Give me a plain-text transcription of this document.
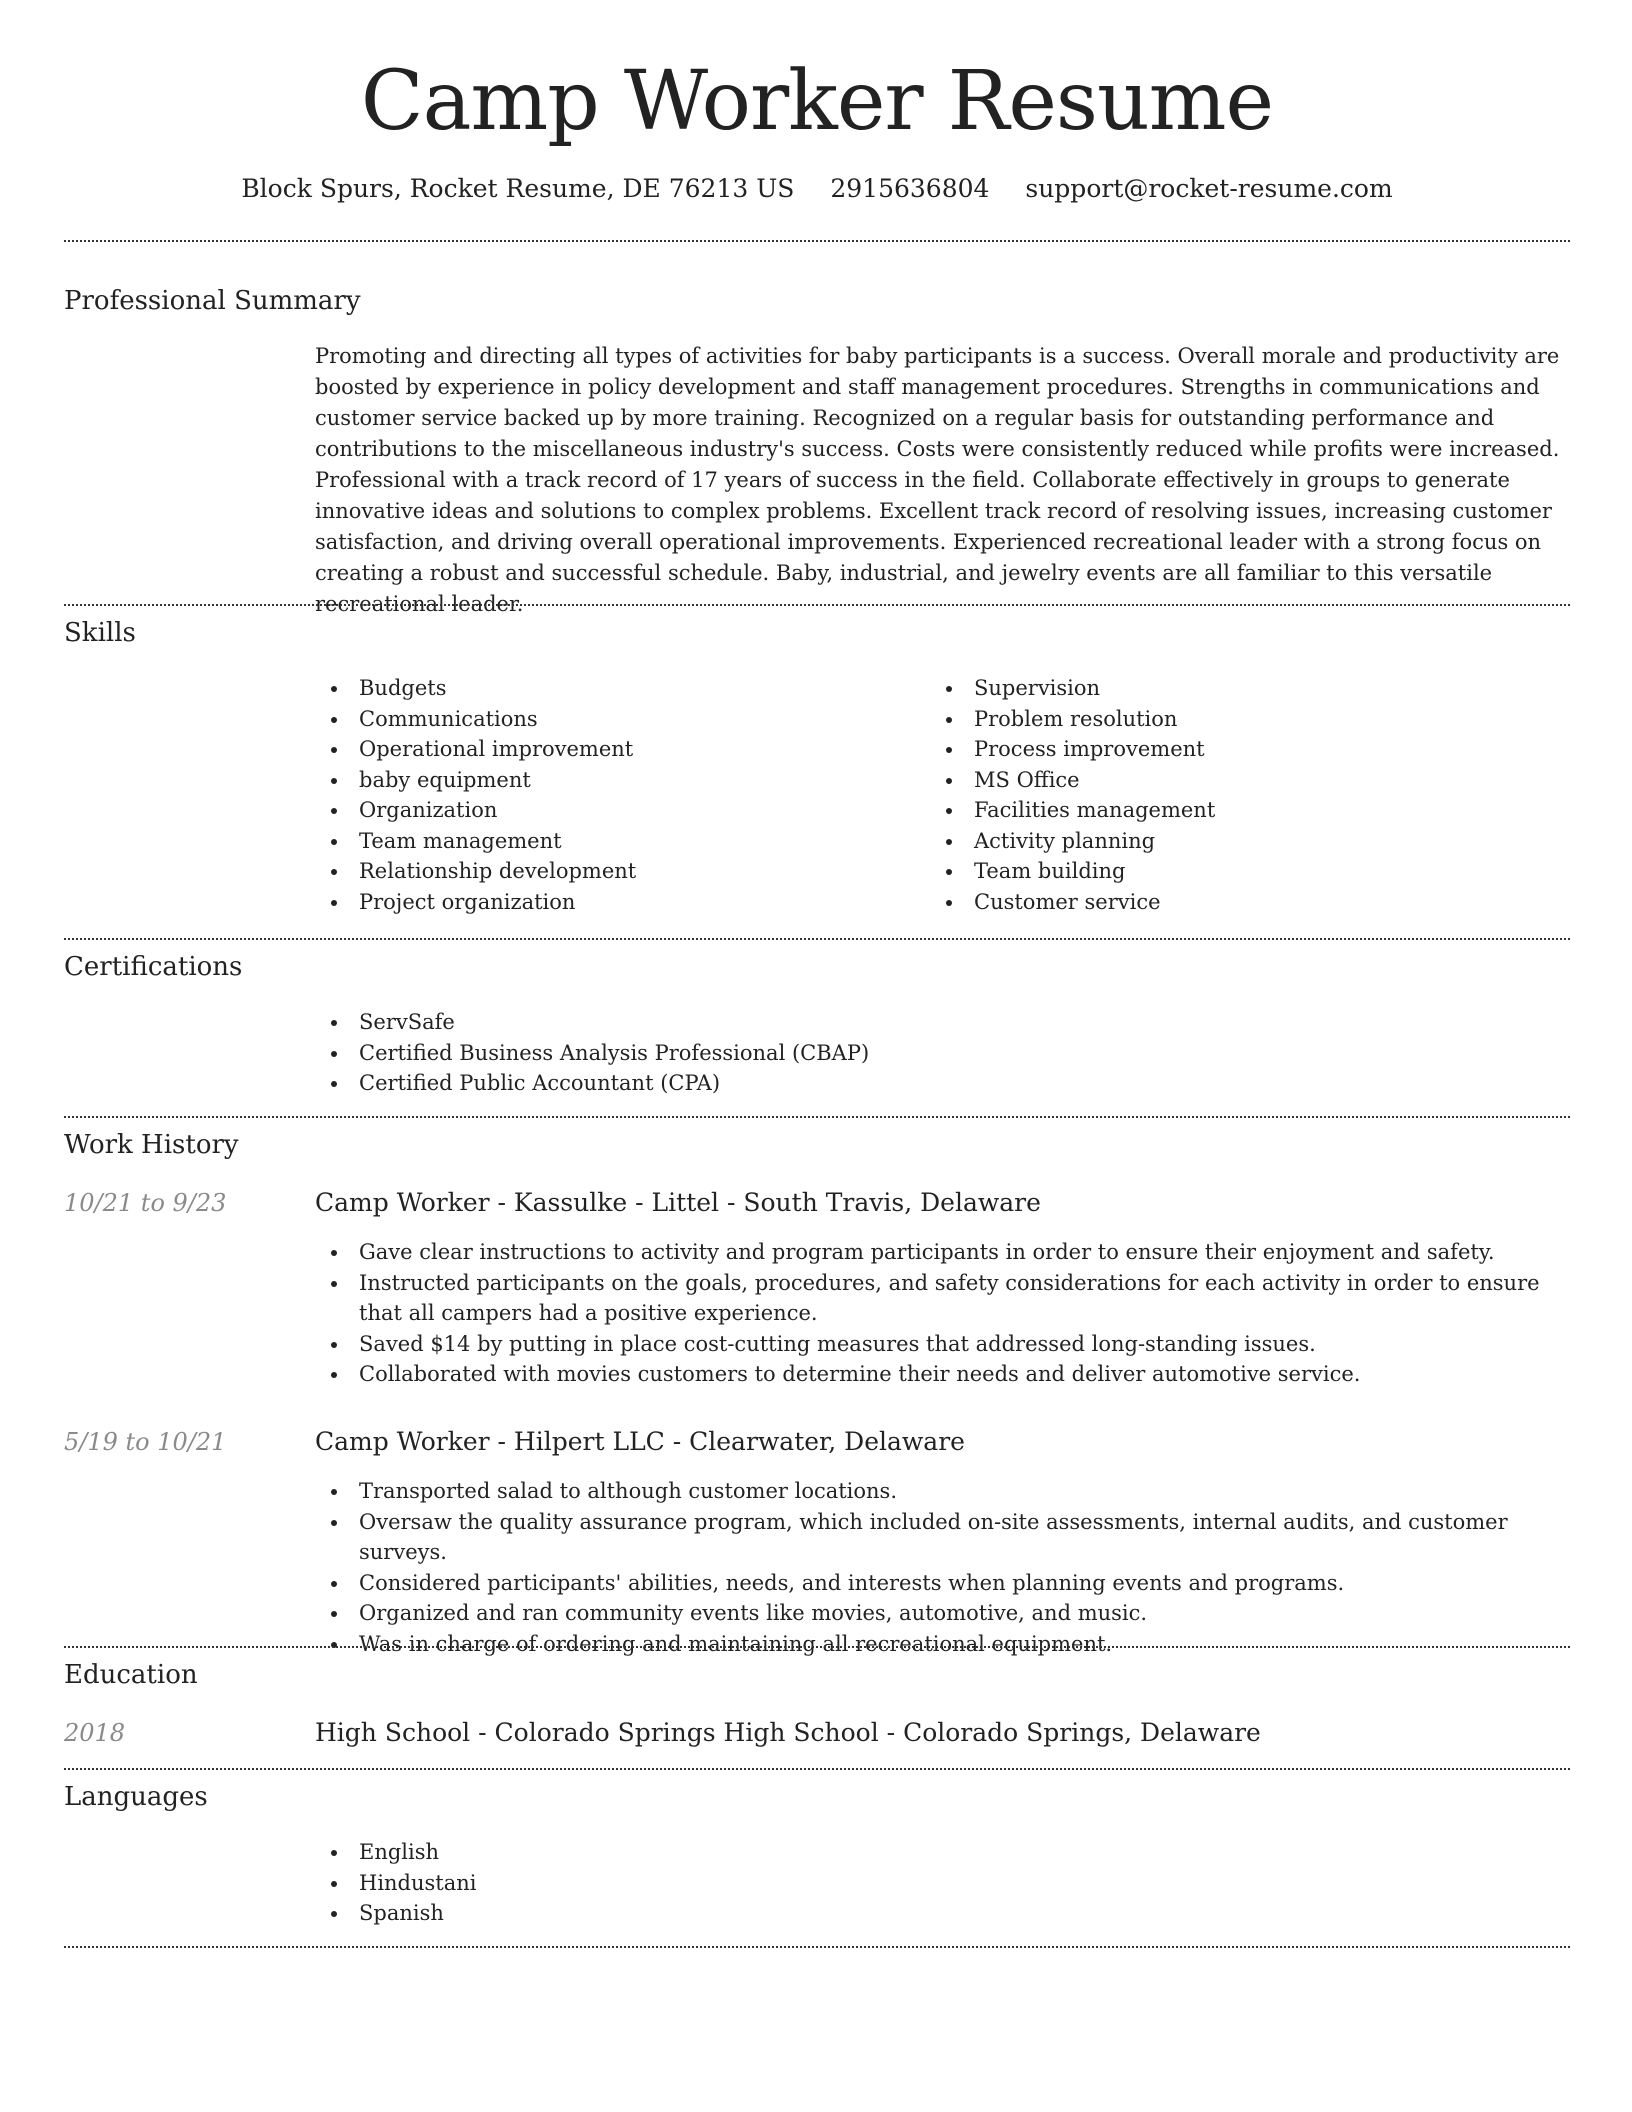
Camp Worker Resume
Block Spurs, Rocket Resume, DE 76213 US 2915636804 support@rocket-resume.com
Professional Summary

Promoting and directing all types of activities for baby participants is a success. Overall morale and productivity are boosted by experience in policy development and staff management procedures. Strengths in communications and customer service backed up by more training. Recognized on a regular basis for outstanding performance and contributions to the miscellaneous industry's success. Costs were consistently reduced while profits were increased. Professional with a track record of 17 years of success in the field. Collaborate effectively in groups to generate innovative ideas and solutions to complex problems. Excellent track record of resolving issues, increasing customer satisfaction, and driving overall operational improvements. Experienced recreational leader with a strong focus on creating a robust and successful schedule. Baby, industrial, and jewelry events are all familiar to this versatile recreational leader.

Skills
Budgets
Communications
Operational improvement
baby equipment
Organization
Team management
Relationship development
Project organization
Supervision
Problem resolution
Process improvement
MS Office
Facilities management
Activity planning
Team building
Customer service
Certifications
ServSafe
Certified Business Analysis Professional (CBAP)
Certified Public Accountant (CPA)
Work History
10/21 to 9/23	Camp Worker - Kassulke - Littel - South Travis, Delaware
Gave clear instructions to activity and program participants in order to ensure their enjoyment and safety.
Instructed participants on the goals, procedures, and safety considerations for each activity in order to ensure that all campers had a positive experience.
Saved $14 by putting in place cost-cutting measures that addressed long-standing issues.
Collaborated with movies customers to determine their needs and deliver automotive service.
5/19 to 10/21	Camp Worker - Hilpert LLC - Clearwater, Delaware
Transported salad to although customer locations.
Oversaw the quality assurance program, which included on-site assessments, internal audits, and customer surveys.
Considered participants' abilities, needs, and interests when planning events and programs.
Organized and ran community events like movies, automotive, and music.
Was in charge of ordering and maintaining all recreational equipment.
Education
2018	High School - Colorado Springs High School - Colorado Springs, Delaware
Languages
English
Hindustani
Spanish
